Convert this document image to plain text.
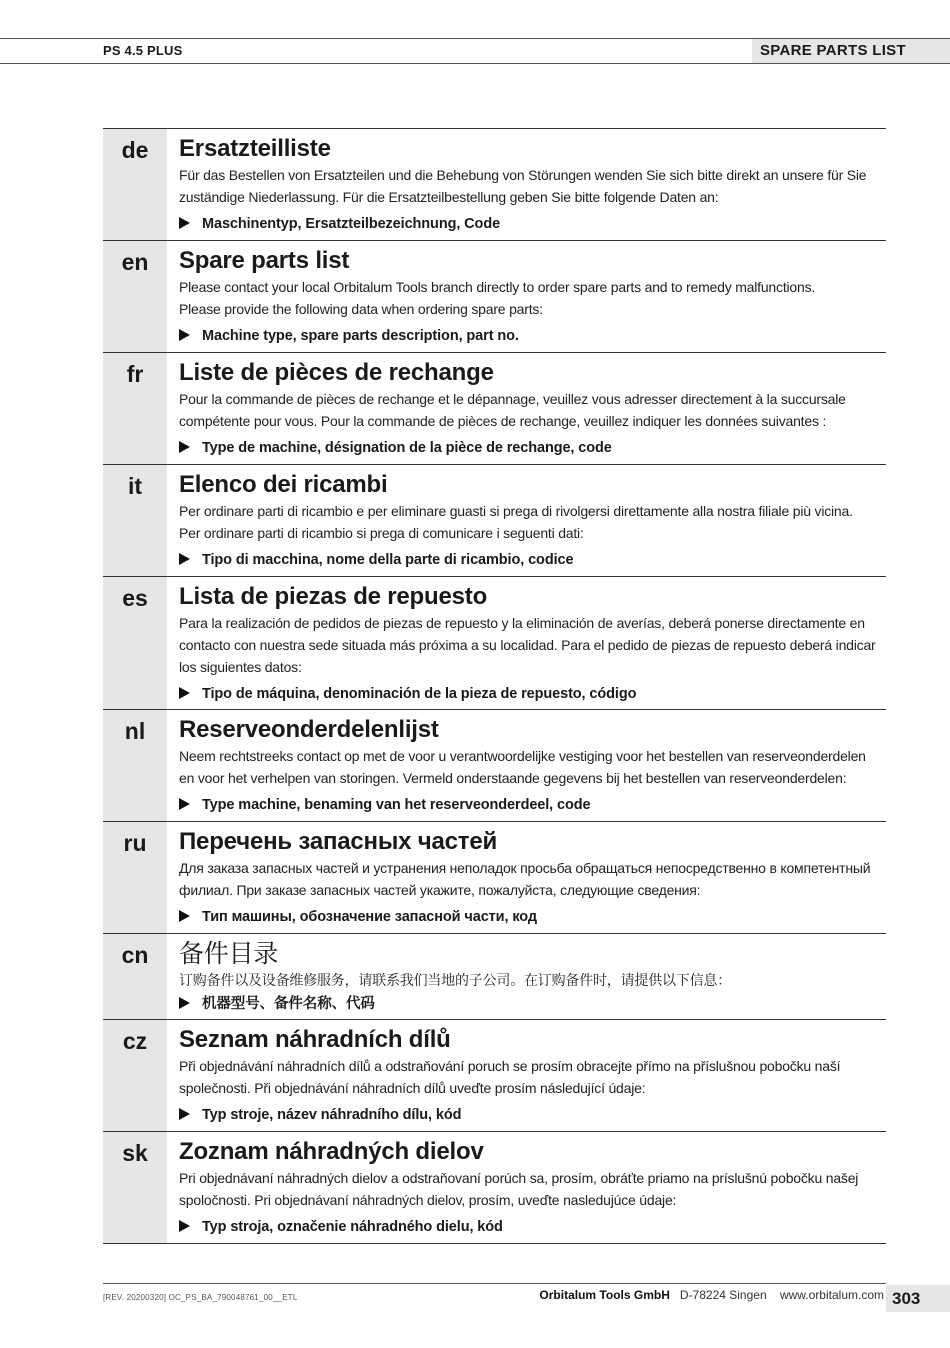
PS 4.5 PLUS	SPARE PARTS LIST
de	Ersatzteilliste
Für das Bestellen von Ersatzteilen und die Behebung von Störungen wenden Sie sich bitte direkt an unsere für Sie
zuständige Niederlassung. Für die Ersatzteilbestellung geben Sie bitte folgende Daten an:
Maschinentyp, Ersatzteilbezeichnung, Code
en	Spare parts list
Please contact your local Orbitalum Tools branch directly to order spare parts and to remedy malfunctions.
Please provide the following data when ordering spare parts:
Machine type, spare parts description, part no.
fr	Liste de pièces de rechange
Pour la commande de pièces de rechange et le dépannage, veuillez vous adresser directement à la succursale
compétente pour vous. Pour la commande de pièces de rechange, veuillez indiquer les données suivantes :
Type de machine, désignation de la pièce de rechange, code
it	Elenco dei ricambi
Per ordinare parti di ricambio e per eliminare guasti si prega di rivolgersi direttamente alla nostra filiale più vicina.
Per ordinare parti di ricambio si prega di comunicare i seguenti dati:
Tipo di macchina, nome della parte di ricambio, codice
es	Lista de piezas de repuesto
Para la realización de pedidos de piezas de repuesto y la eliminación de averías, deberá ponerse directamente en
contacto con nuestra sede situada más próxima a su localidad. Para el pedido de piezas de repuesto deberá indicar
los siguientes datos:
Tipo de máquina, denominación de la pieza de repuesto, código
nl	Reserveonderdelenlijst
Neem rechtstreeks contact op met de voor u verantwoordelijke vestiging voor het bestellen van reserveonderdelen
en voor het verhelpen van storingen. Vermeld onderstaande gegevens bij het bestellen van reserveonderdelen:
Type machine, benaming van het reserveonderdeel, code
ru	Перечень запасных частей
Для заказа запасных частей и устранения неполадок просьба обращаться непосредственно в компетентный
филиал. При заказе запасных частей укажите, пожалуйста, следующие сведения:
Тип машины, обозначение запасной части, код
cn	备件目录
订购备件以及设备维修服务，请联系我们当地的子公司。在订购备件时，请提供以下信息：
机器型号、备件名称、代码
cz	Seznam náhradních dílů
Při objednávání náhradních dílů a odstraňování poruch se prosím obracejte přímo na příslušnou pobočku naší
společnosti. Při objednávání náhradních dílů uveďte prosím následující údaje:
Typ stroje, název náhradního dílu, kód
sk	Zoznam náhradných dielov
Pri objednávaní náhradných dielov a odstraňovaní porúch sa, prosím, obráťte priamo na príslušnú pobočku našej
spoločnosti. Pri objednávaní náhradných dielov, prosím, uveďte nasledujúce údaje:
Typ stroja, označenie náhradného dielu, kód
[REV. 20200320] OC_PS_BA_790048761_00__ETL	Orbitalum Tools GmbH D-78224 Singen www.orbitalum.com 303
